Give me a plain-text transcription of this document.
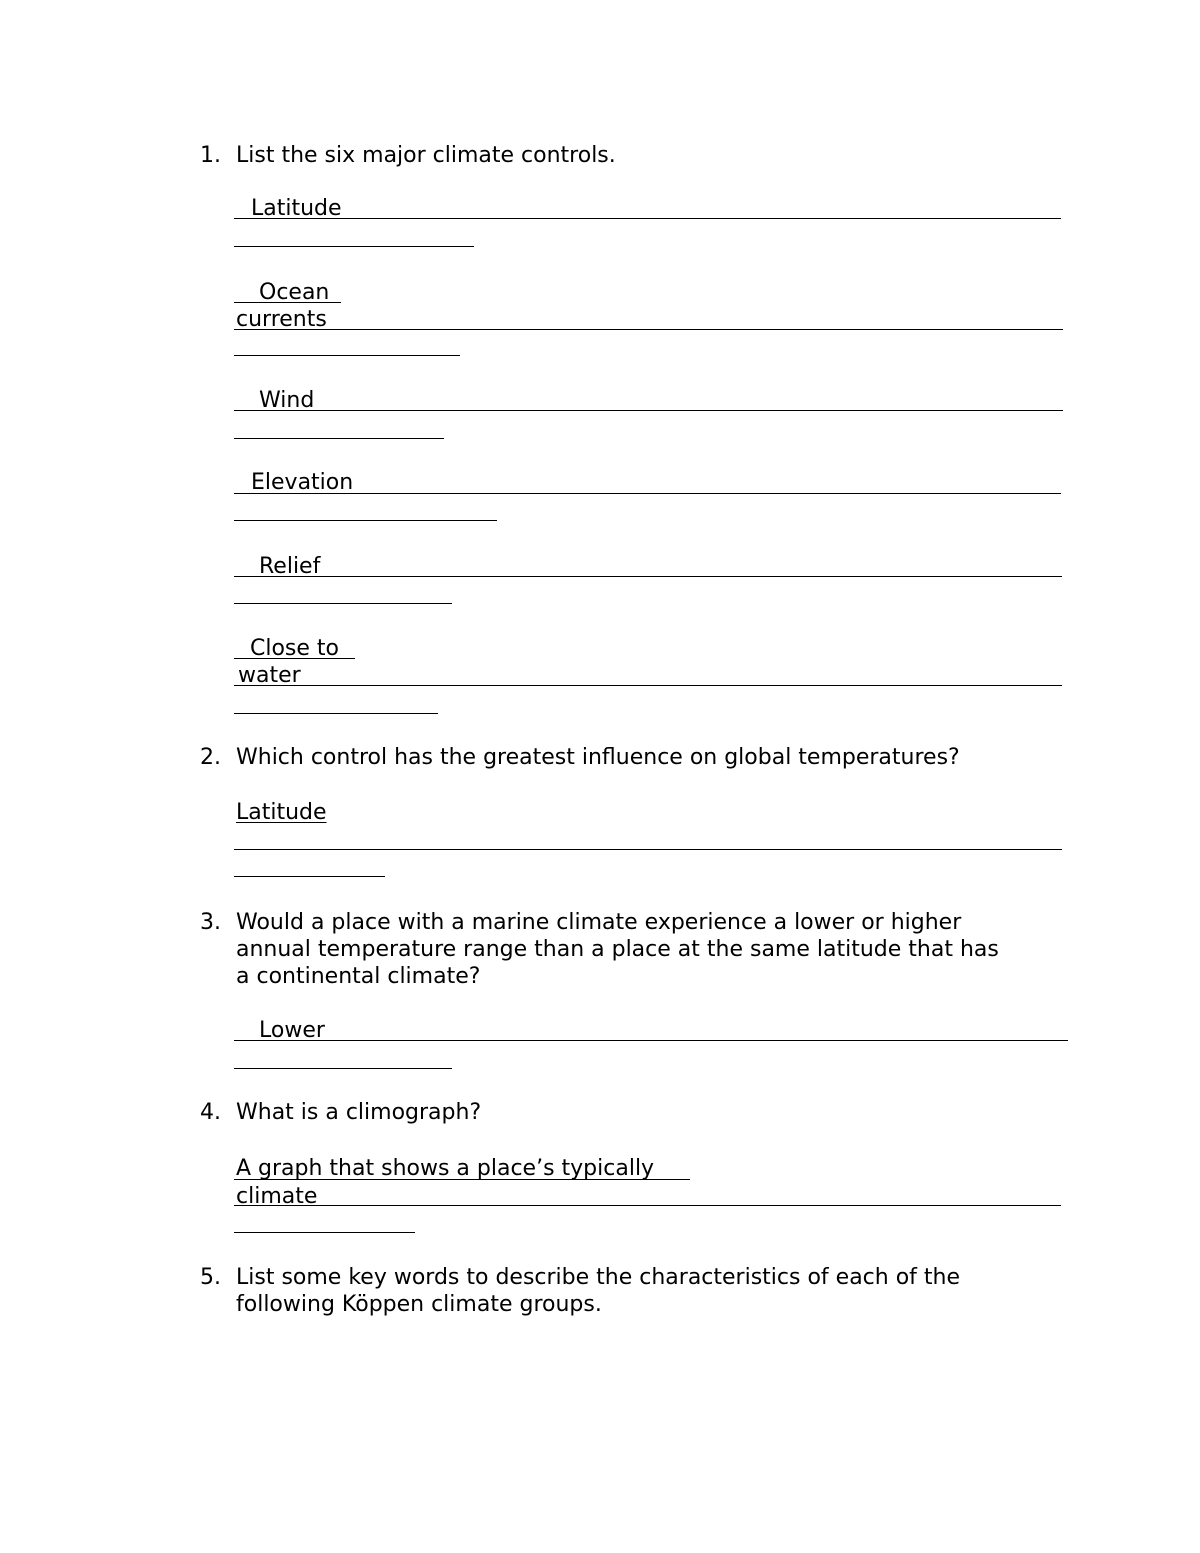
1. List the six major climate controls.
Latitude
Ocean
currents
Wind
Elevation
Relief
Close to
water
2. Which control has the greatest influence on global temperatures?
Latitude
3. Would a place with a marine climate experience a lower or higher
annual temperature range than a place at the same latitude that has
a continental climate?
Lower
4. What is a climograph?
A graph that shows a place’s typically
climate
5. List some key words to describe the characteristics of each of the
following Köppen climate groups.
